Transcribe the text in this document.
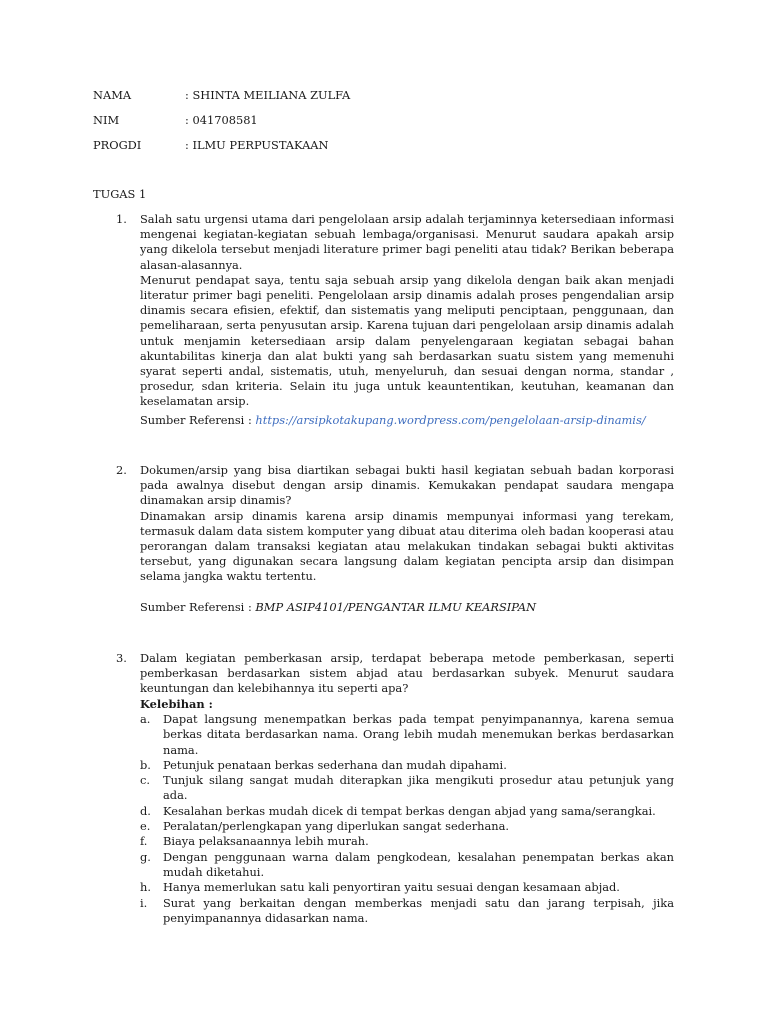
NAMA	: SHINTA MEILIANA ZULFA
NIM	: 041708581
PROGDI	: ILMU PERPUSTAKAAN
TUGAS 1
1. Salah satu urgensi utama dari pengelolaan arsip adalah terjaminnya ketersediaan informasi mengenai kegiatan-kegiatan sebuah lembaga/organisasi. Menurut saudara apakah arsip yang dikelola tersebut menjadi literature primer bagi peneliti atau tidak? Berikan beberapa alasan-alasannya.

Menurut pendapat saya, tentu saja sebuah arsip yang dikelola dengan baik akan menjadi literatur primer bagi peneliti. Pengelolaan arsip dinamis adalah proses pengendalian arsip dinamis secara efisien, efektif, dan sistematis yang meliputi penciptaan, penggunaan, dan pemeliharaan, serta penyusutan arsip. Karena tujuan dari pengelolaan arsip dinamis adalah untuk menjamin ketersediaan arsip dalam penyelengaraan kegiatan sebagai bahan akuntabilitas kinerja dan alat bukti yang sah berdasarkan suatu sistem yang memenuhi syarat seperti andal, sistematis, utuh, menyeluruh, dan sesuai dengan norma, standar , prosedur, sdan kriteria. Selain itu juga untuk keauntentikan, keutuhan, keamanan dan keselamatan arsip.

Sumber Referensi : https://arsipkotakupang.wordpress.com/pengelolaan-arsip-dinamis/
2. Dokumen/arsip yang bisa diartikan sebagai bukti hasil kegiatan sebuah badan korporasi pada awalnya disebut dengan arsip dinamis. Kemukakan pendapat saudara mengapa dinamakan arsip dinamis?

Dinamakan arsip dinamis karena arsip dinamis mempunyai informasi yang terekam, termasuk dalam data sistem komputer yang dibuat atau diterima oleh badan kooperasi atau perorangan dalam transaksi kegiatan atau melakukan tindakan sebagai bukti aktivitas tersebut, yang digunakan secara langsung dalam kegiatan pencipta arsip dan disimpan selama jangka waktu tertentu.

Sumber Referensi : BMP ASIP4101/PENGANTAR ILMU KEARSIPAN
3. Dalam kegiatan pemberkasan arsip, terdapat beberapa metode pemberkasan, seperti pemberkasan berdasarkan sistem abjad atau berdasarkan subyek. Menurut saudara keuntungan dan kelebihannya itu seperti apa?

Kelebihan :

a. Dapat langsung menempatkan berkas pada tempat penyimpanannya, karena semua berkas ditata berdasarkan nama. Orang lebih mudah menemukan berkas berdasarkan nama.
b. Petunjuk penataan berkas sederhana dan mudah dipahami.
c. Tunjuk silang sangat mudah diterapkan jika mengikuti prosedur atau petunjuk yang ada.
d. Kesalahan berkas mudah dicek di tempat berkas dengan abjad yang sama/serangkai.
e. Peralatan/perlengkapan yang diperlukan sangat sederhana.
f. Biaya pelaksanaannya lebih murah.
g. Dengan penggunaan warna dalam pengkodean, kesalahan penempatan berkas akan mudah diketahui.
h. Hanya memerlukan satu kali penyortiran yaitu sesuai dengan kesamaan abjad.
i. Surat yang berkaitan dengan memberkas menjadi satu dan jarang terpisah, jika penyimpanannya didasarkan nama.
